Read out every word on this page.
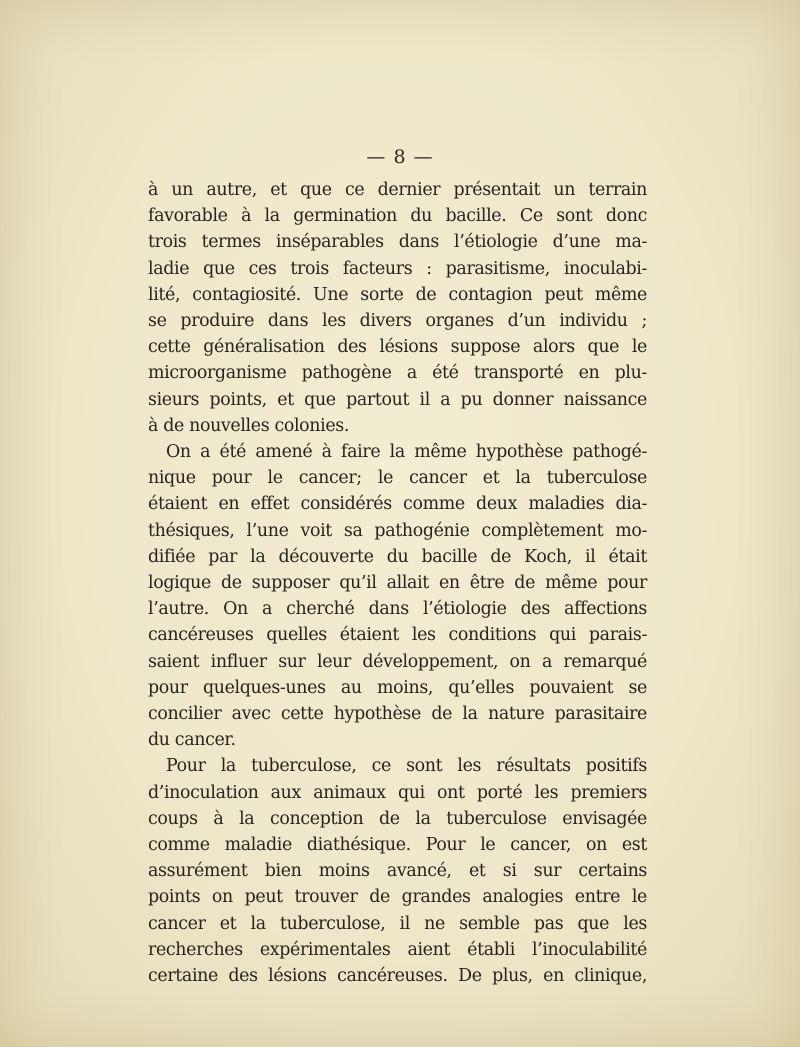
— 8 —

à un autre, et que ce dernier présentait un terrain
favorable à la germination du bacille. Ce sont donc
trois termes inséparables dans l’étiologie d’une ma-
ladie que ces trois facteurs : parasitisme, inoculabi-
lité, contagiosité. Une sorte de contagion peut même
se produire dans les divers organes d’un individu ;
cette généralisation des lésions suppose alors que le
microorganisme pathogène a été transporté en plu-
sieurs points, et que partout il a pu donner naissance
à de nouvelles colonies.

On a été amené à faire la même hypothèse pathogé-
nique pour le cancer; le cancer et la tuberculose
étaient en effet considérés comme deux maladies dia-
thésiques, l’une voit sa pathogénie complètement mo-
difiée par la découverte du bacille de Koch, il était
logique de supposer qu’il allait en être de même pour
l’autre. On a cherché dans l’étiologie des affections
cancéreuses quelles étaient les conditions qui parais-
saient influer sur leur développement, on a remarqué
pour quelques-unes au moins, qu’elles pouvaient se
concilier avec cette hypothèse de la nature parasitaire
du cancer.

Pour la tuberculose, ce sont les résultats positifs
d’inoculation aux animaux qui ont porté les premiers
coups à la conception de la tuberculose envisagée
comme maladie diathésique. Pour le cancer, on est
assurément bien moins avancé, et si sur certains
points on peut trouver de grandes analogies entre le
cancer et la tuberculose, il ne semble pas que les
recherches expérimentales aient établi l’inoculabilité
certaine des lésions cancéreuses. De plus, en clinique,
